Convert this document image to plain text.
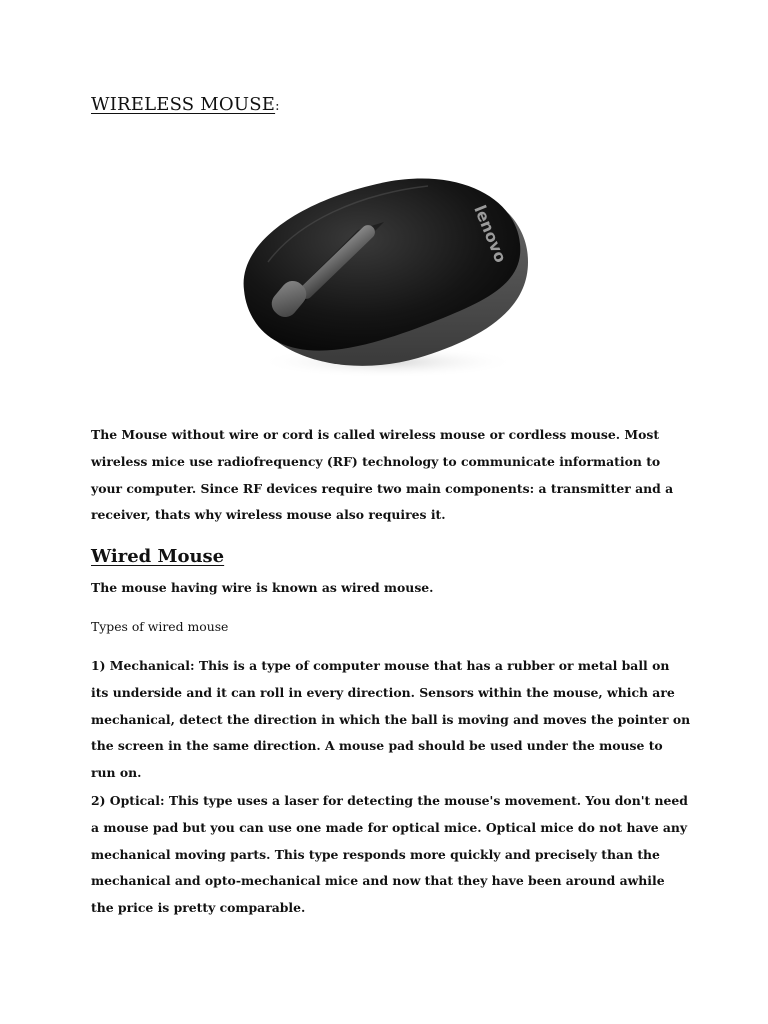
WIRELESS MOUSE:
lenovo

The Mouse without wire or cord is called wireless mouse or cordless mouse. Most wireless mice use radiofrequency (RF) technology to communicate information to your computer. Since RF devices require two main components: a transmitter and a receiver, thats why wireless mouse also requires it.

Wired Mouse

The mouse having wire is known as wired mouse.

Types of wired mouse

1) Mechanical: This is a type of computer mouse that has a rubber or metal ball on its underside and it can roll in every direction. Sensors within the mouse, which are mechanical, detect the direction in which the ball is moving and moves the pointer on the screen in the same direction. A mouse pad should be used under the mouse to run on.

2) Optical: This type uses a laser for detecting the mouse's movement. You don't need a mouse pad but you can use one made for optical mice. Optical mice do not have any mechanical moving parts. This type responds more quickly and precisely than the mechanical and opto-mechanical mice and now that they have been around awhile the price is pretty comparable.
